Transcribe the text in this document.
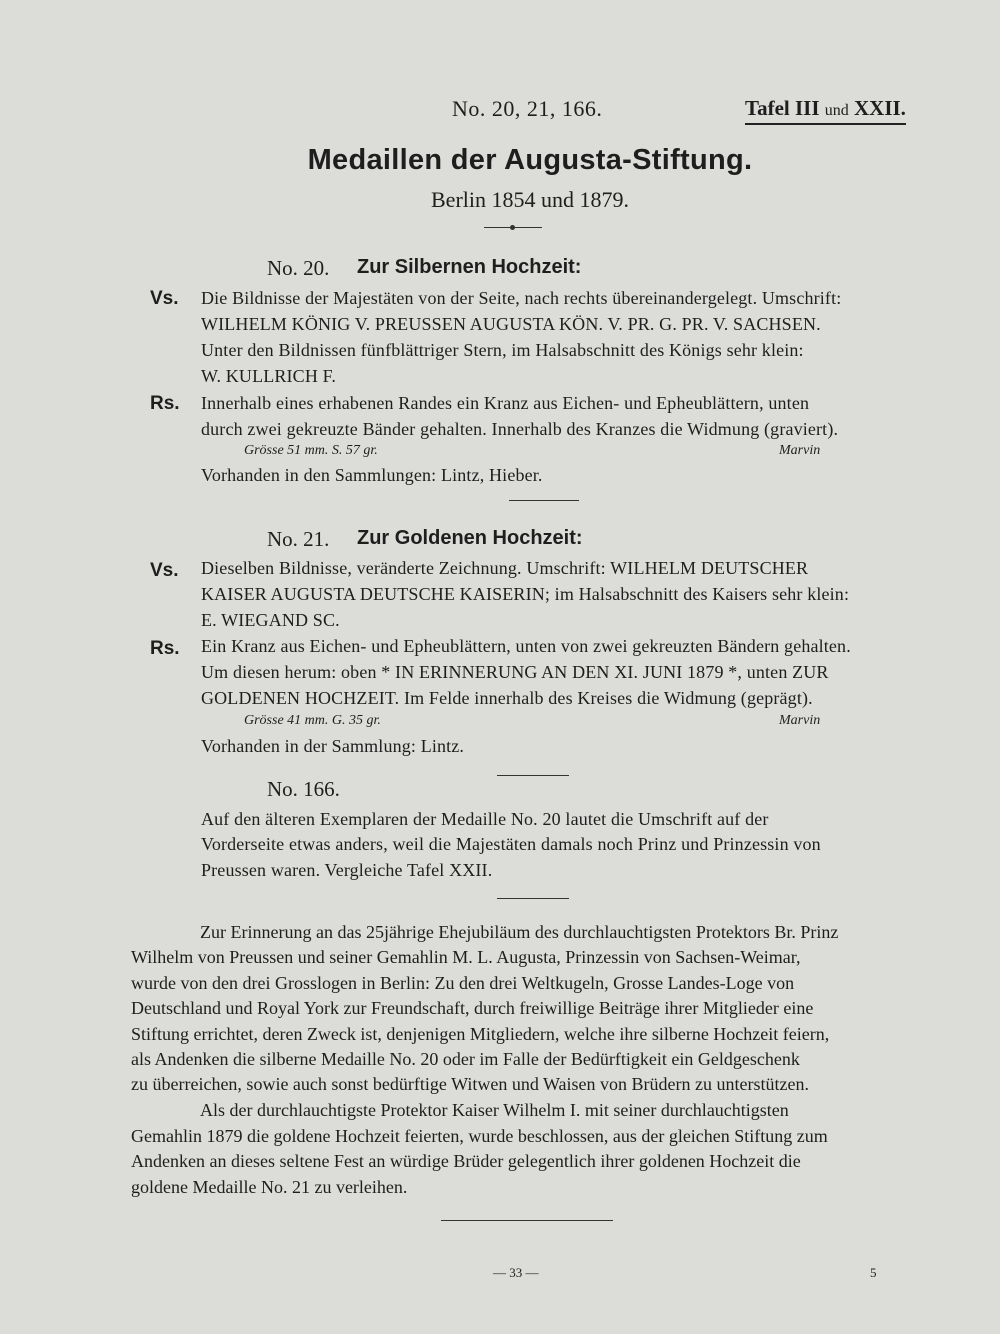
No. 20, 21, 166.	Tafel III und XXII.
Medaillen der Augusta-Stiftung.
Berlin 1854 und 1879.
No. 20. Zur Silbernen Hochzeit:
Vs. Die Bildnisse der Majestäten von der Seite, nach rechts übereinandergelegt. Umschrift:
WILHELM KÖNIG V. PREUSSEN AUGUSTA KÖN. V. PR. G. PR. V. SACHSEN.
Unter den Bildnissen fünfblättriger Stern, im Halsabschnitt des Königs sehr klein:
W. KULLRICH F.
Rs. Innerhalb eines erhabenen Randes ein Kranz aus Eichen- und Epheublättern, unten
durch zwei gekreuzte Bänder gehalten. Innerhalb des Kranzes die Widmung (graviert).
Grösse 51 mm. S. 57 gr.	Marvin
Vorhanden in den Sammlungen: Lintz, Hieber.
No. 21. Zur Goldenen Hochzeit:
Vs. Dieselben Bildnisse, veränderte Zeichnung. Umschrift: WILHELM DEUTSCHER
KAISER AUGUSTA DEUTSCHE KAISERIN; im Halsabschnitt des Kaisers sehr klein:
E. WIEGAND SC.
Rs. Ein Kranz aus Eichen- und Epheublättern, unten von zwei gekreuzten Bändern gehalten.
Um diesen herum: oben * IN ERINNERUNG AN DEN XI. JUNI 1879 *, unten ZUR
GOLDENEN HOCHZEIT. Im Felde innerhalb des Kreises die Widmung (geprägt).
Grösse 41 mm. G. 35 gr.	Marvin
Vorhanden in der Sammlung: Lintz.
No. 166.
Auf den älteren Exemplaren der Medaille No. 20 lautet die Umschrift auf der
Vorderseite etwas anders, weil die Majestäten damals noch Prinz und Prinzessin von
Preussen waren. Vergleiche Tafel XXII.
Zur Erinnerung an das 25jährige Ehejubiläum des durchlauchtigsten Protektors Br. Prinz
Wilhelm von Preussen und seiner Gemahlin M. L. Augusta, Prinzessin von Sachsen-Weimar,
wurde von den drei Grosslogen in Berlin: Zu den drei Weltkugeln, Grosse Landes-Loge von
Deutschland und Royal York zur Freundschaft, durch freiwillige Beiträge ihrer Mitglieder eine
Stiftung errichtet, deren Zweck ist, denjenigen Mitgliedern, welche ihre silberne Hochzeit feiern,
als Andenken die silberne Medaille No. 20 oder im Falle der Bedürftigkeit ein Geldgeschenk
zu überreichen, sowie auch sonst bedürftige Witwen und Waisen von Brüdern zu unterstützen.
Als der durchlauchtigste Protektor Kaiser Wilhelm I. mit seiner durchlauchtigsten
Gemahlin 1879 die goldene Hochzeit feierten, wurde beschlossen, aus der gleichen Stiftung zum
Andenken an dieses seltene Fest an würdige Brüder gelegentlich ihrer goldenen Hochzeit die
goldene Medaille No. 21 zu verleihen.
— 33 —	5
